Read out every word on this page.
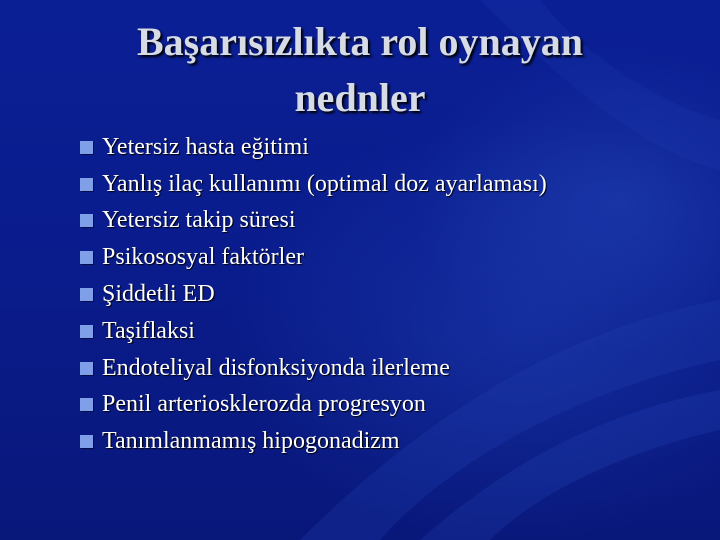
Başarısızlıkta rol oynayan
nednler
Yetersiz hasta eğitimi
Yanlış ilaç kullanımı (optimal doz ayarlaması)
Yetersiz takip süresi
Psikososyal faktörler
Şiddetli ED
Taşiflaksi
Endoteliyal disfonksiyonda ilerleme
Penil arteriosklerozda progresyon
Tanımlanmamış hipogonadizm
